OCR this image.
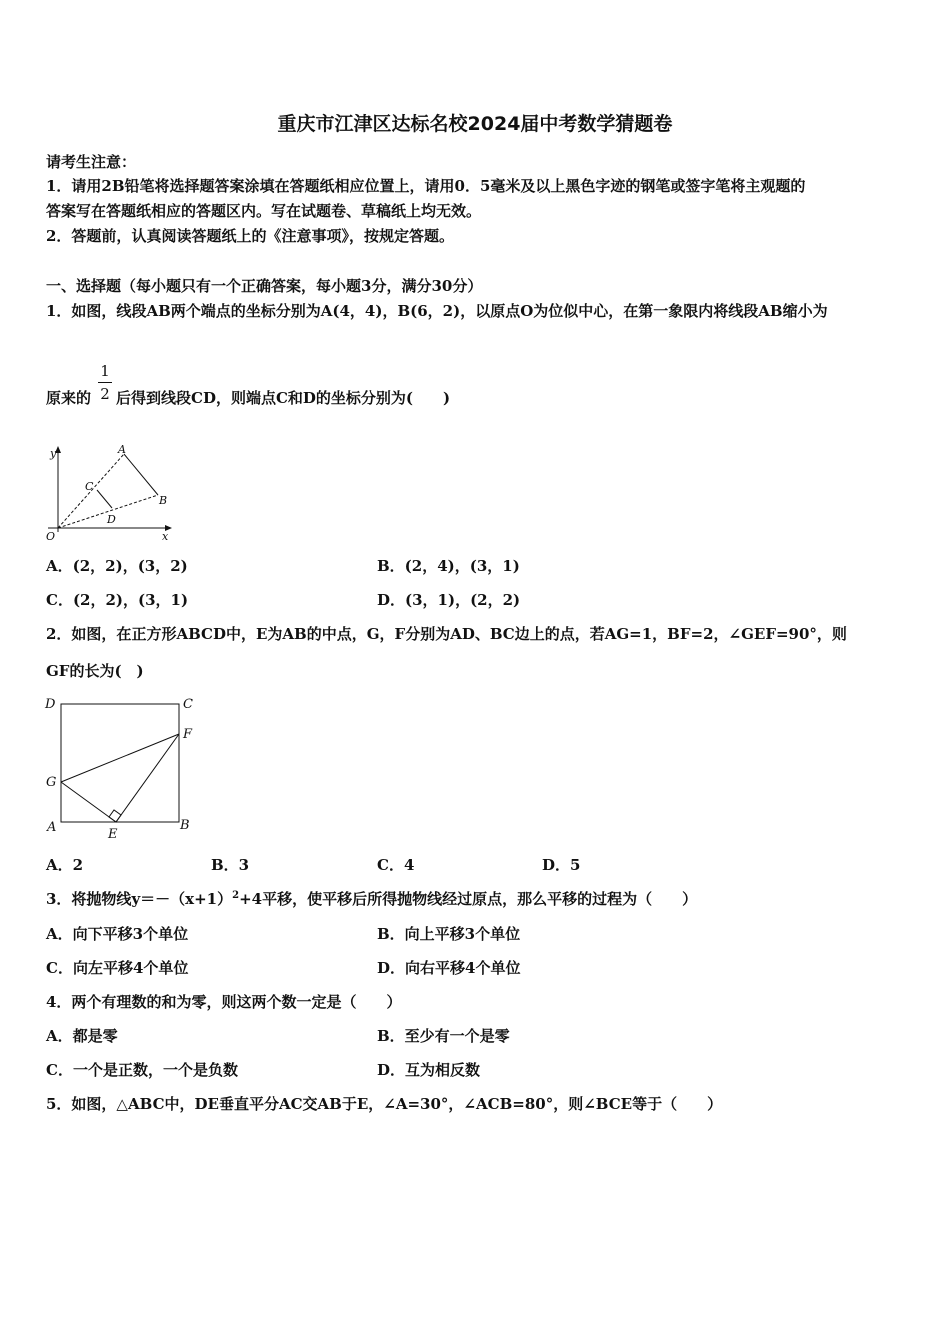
重庆市江津区达标名校2024届中考数学猜题卷
请考生注意：
1．请用2B铅笔将选择题答案涂填在答题纸相应位置上，请用0．5毫米及以上黑色字迹的钢笔或签字笔将主观题的
答案写在答题纸相应的答题区内。写在试题卷、草稿纸上均无效。
2．答题前，认真阅读答题纸上的《注意事项》，按规定答题。
一、选择题（每小题只有一个正确答案，每小题3分，满分30分）
1．如图，线段AB两个端点的坐标分别为A(4，4)，B(6，2)，以原点O为位似中心，在第一象限内将线段AB缩小为
原来的
1
2 后得到线段CD，则端点C和D的坐标分别为(　　)
y
x
O
A
B
C
D
A．(2，2)，(3，2)	B．(2，4)，(3，1)
C．(2，2)，(3，1)	D．(3，1)，(2，2)
2．如图，在正方形ABCD中，E为AB的中点，G，F分别为AD、BC边上的点，若AG=1，BF=2，∠GEF=90°，则
GF的长为(　)
D	C
F
G
A	B
E
A．2	B．3	C．4	D．5
3．将抛物线$y=-(x+1)^2+4$平移，使平移后所得抛物线经过原点，那么平移的过程为（　　）
A．向下平移3个单位	B．向上平移3个单位
C．向左平移4个单位	D．向右平移4个单位
4．两个有理数的和为零，则这两个数一定是（　　）
A．都是零	B．至少有一个是零
C．一个是正数，一个是负数	D．互为相反数
5．如图，△ABC中，DE垂直平分AC交AB于E，∠A=30°，∠ACB=80°，则∠BCE等于（　　）
